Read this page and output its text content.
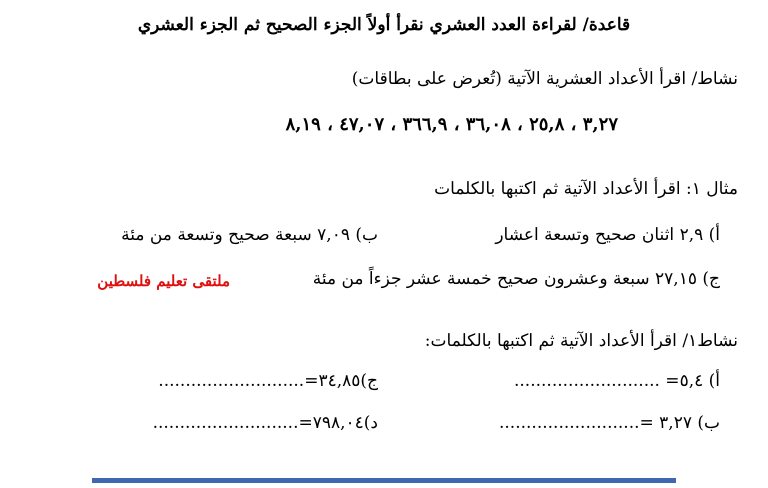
قاعدة/ لقراءة العدد العشري نقرأ أولاً الجزء الصحيح ثم الجزء العشري
نشاط/ اقرأ الأعداد العشرية الآتية (تُعرض على بطاقات)
٣,٢٧ ، ٢٥,٨ ، ٣٦,٠٨ ، ٣٦٦,٩ ، ٤٧,٠٧ ، ٨,١٩
مثال ١: اقرأ الأعداد الآتية ثم اكتبها بالكلمات
أ) ٢,٩ اثنان صحيح وتسعة اعشار
ب) ٧,٠٩ سبعة صحيح وتسعة من مئة
ج) ٢٧,١٥ سبعة وعشرون صحيح خمسة عشر جزءاً من مئة
ملتقى تعليم فلسطين
نشاط١/ اقرأ الأعداد الآتية ثم اكتبها بالكلمات:
أ) ٥,٤= ...........................
ج)٣٤,٨٥=...........................
ب) ٣,٢٧ =..........................
د)٧٩٨,٠٤=...........................
